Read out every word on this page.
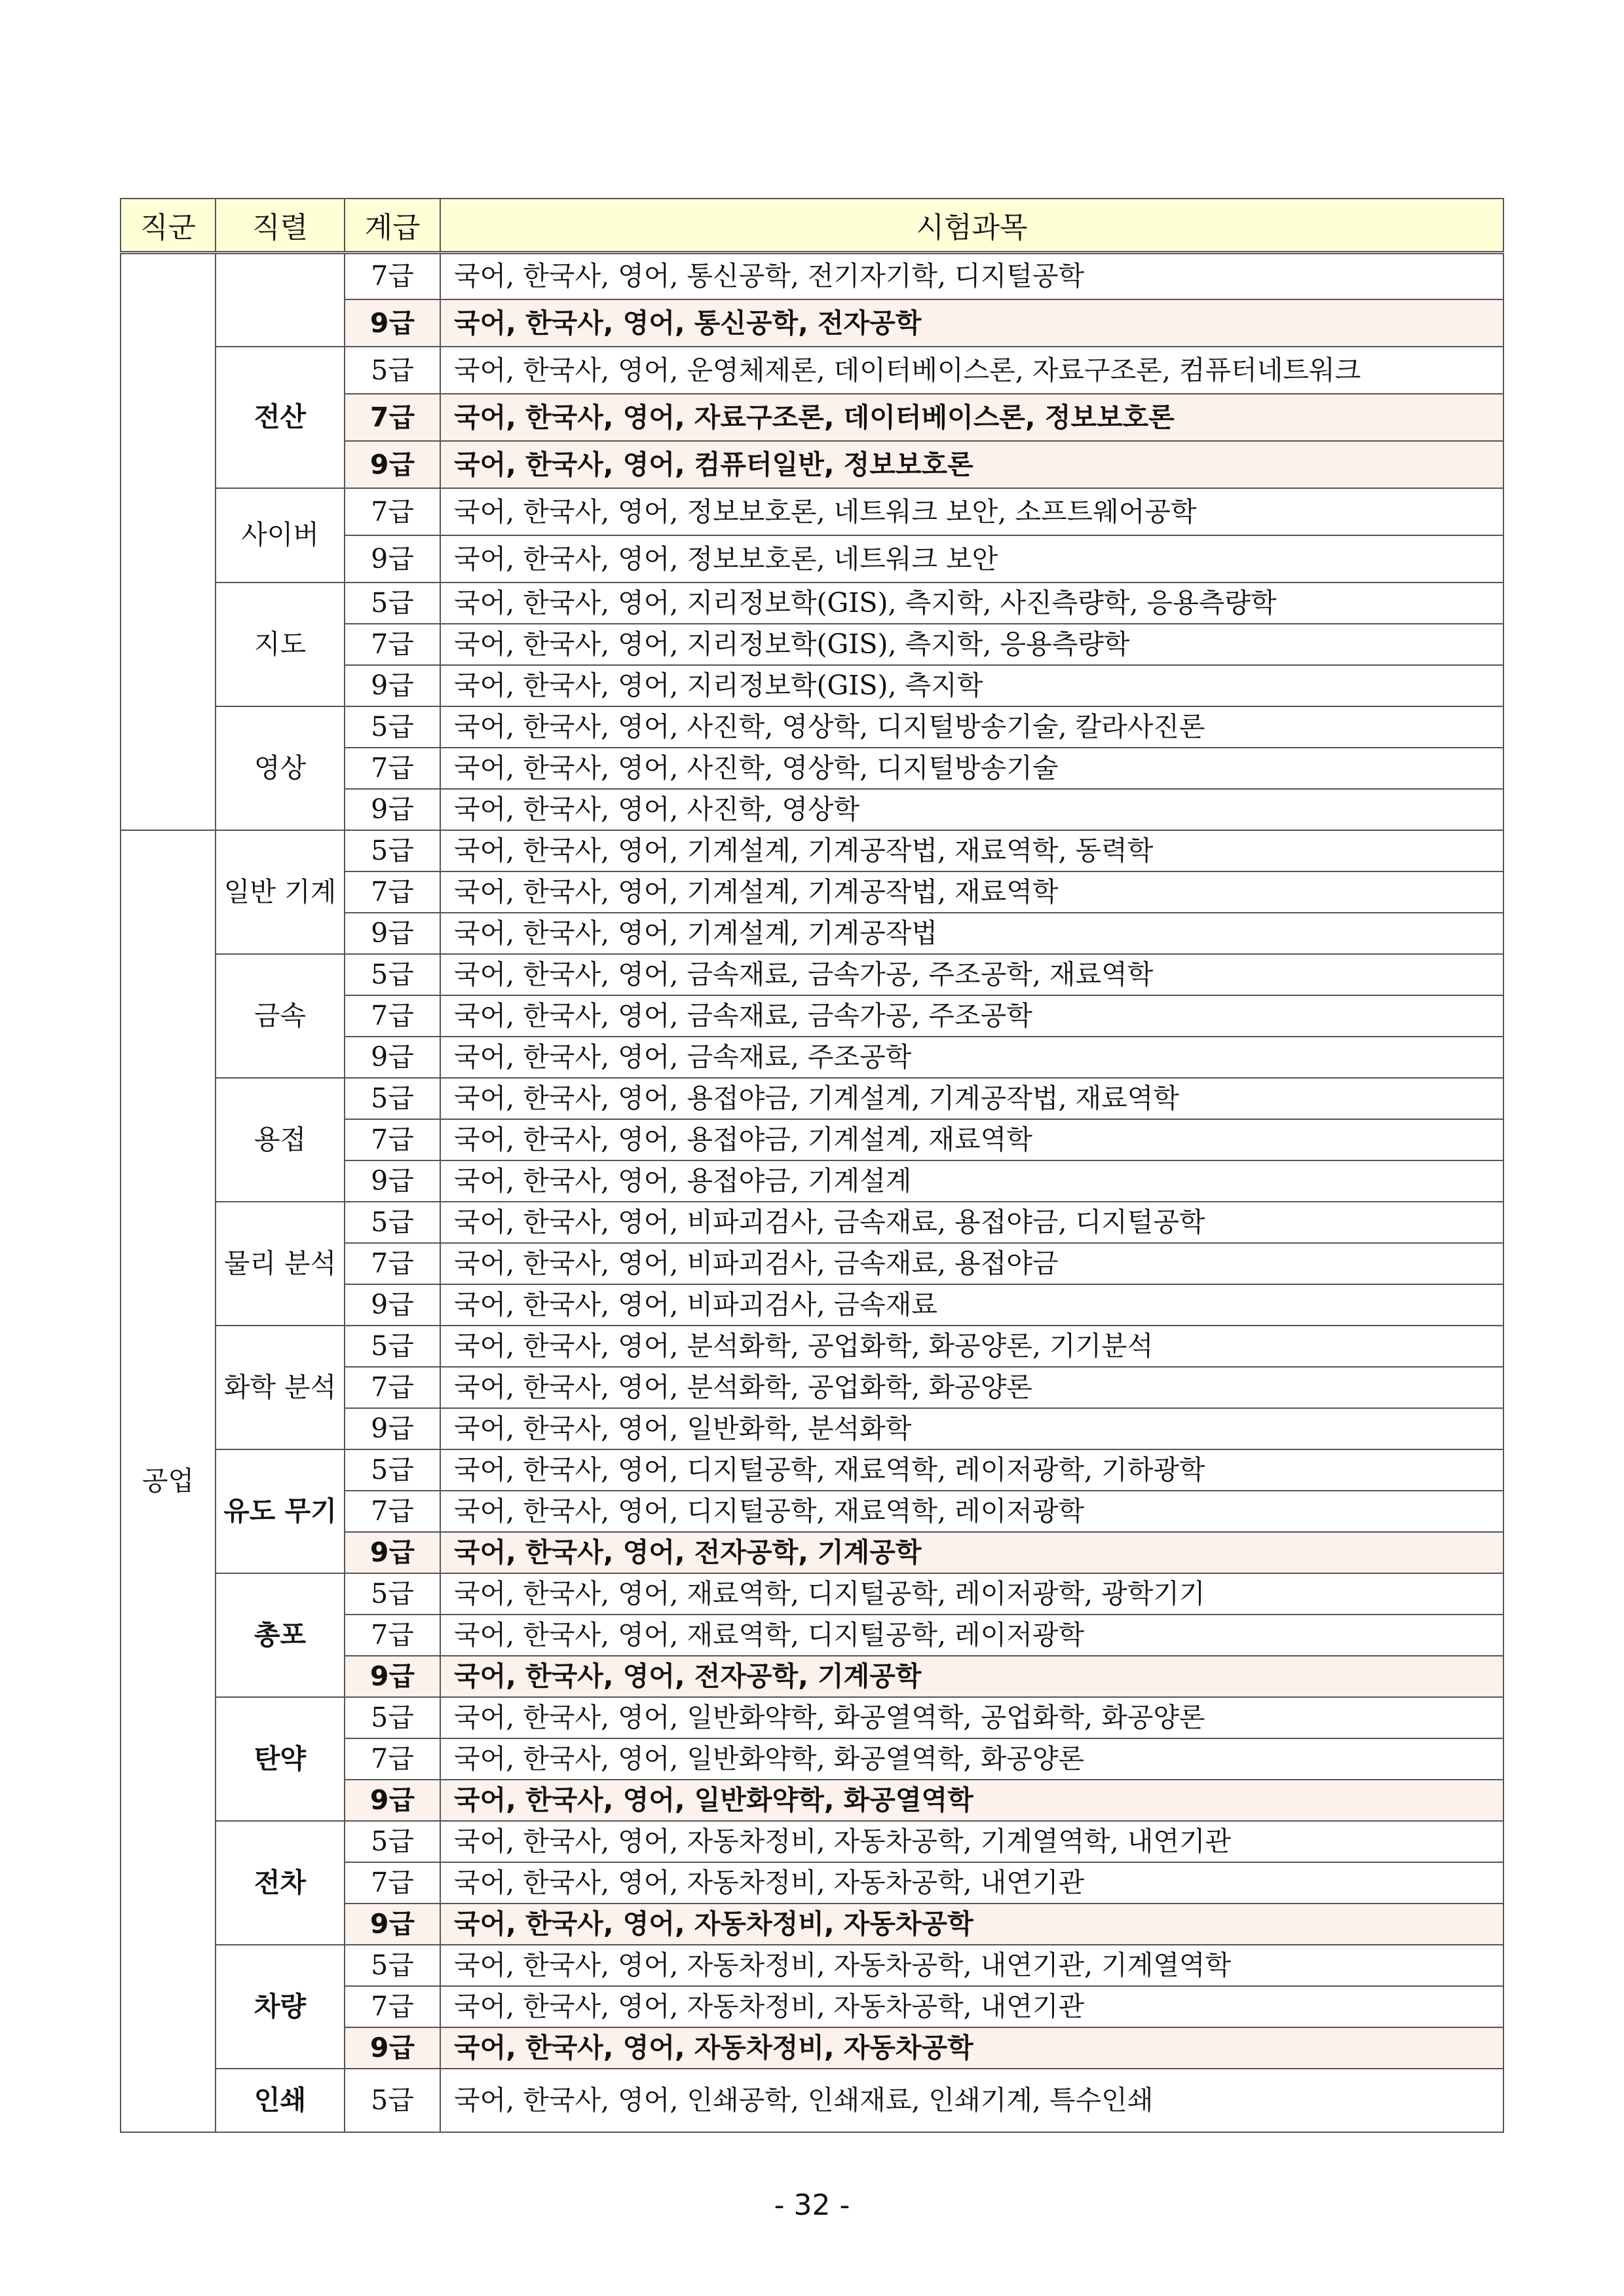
직군	직렬	계급	시험과목
		7급	국어, 한국사, 영어, 통신공학, 전기자기학, 디지털공학
		9급	국어, 한국사, 영어, 통신공학, 전자공학
	전산	5급	국어, 한국사, 영어, 운영체제론, 데이터베이스론, 자료구조론, 컴퓨터네트워크
		7급	국어, 한국사, 영어, 자료구조론, 데이터베이스론, 정보보호론
		9급	국어, 한국사, 영어, 컴퓨터일반, 정보보호론
	사이버	7급	국어, 한국사, 영어, 정보보호론, 네트워크 보안, 소프트웨어공학
		9급	국어, 한국사, 영어, 정보보호론, 네트워크 보안
	지도	5급	국어, 한국사, 영어, 지리정보학(GIS), 측지학, 사진측량학, 응용측량학
		7급	국어, 한국사, 영어, 지리정보학(GIS), 측지학, 응용측량학
		9급	국어, 한국사, 영어, 지리정보학(GIS), 측지학
	영상	5급	국어, 한국사, 영어, 사진학, 영상학, 디지털방송기술, 칼라사진론
		7급	국어, 한국사, 영어, 사진학, 영상학, 디지털방송기술
		9급	국어, 한국사, 영어, 사진학, 영상학
공업	일반 기계	5급	국어, 한국사, 영어, 기계설계, 기계공작법, 재료역학, 동력학
		7급	국어, 한국사, 영어, 기계설계, 기계공작법, 재료역학
		9급	국어, 한국사, 영어, 기계설계, 기계공작법
	금속	5급	국어, 한국사, 영어, 금속재료, 금속가공, 주조공학, 재료역학
		7급	국어, 한국사, 영어, 금속재료, 금속가공, 주조공학
		9급	국어, 한국사, 영어, 금속재료, 주조공학
	용접	5급	국어, 한국사, 영어, 용접야금, 기계설계, 기계공작법, 재료역학
		7급	국어, 한국사, 영어, 용접야금, 기계설계, 재료역학
		9급	국어, 한국사, 영어, 용접야금, 기계설계
	물리 분석	5급	국어, 한국사, 영어, 비파괴검사, 금속재료, 용접야금, 디지털공학
		7급	국어, 한국사, 영어, 비파괴검사, 금속재료, 용접야금
		9급	국어, 한국사, 영어, 비파괴검사, 금속재료
	화학 분석	5급	국어, 한국사, 영어, 분석화학, 공업화학, 화공양론, 기기분석
		7급	국어, 한국사, 영어, 분석화학, 공업화학, 화공양론
		9급	국어, 한국사, 영어, 일반화학, 분석화학
	유도 무기	5급	국어, 한국사, 영어, 디지털공학, 재료역학, 레이저광학, 기하광학
		7급	국어, 한국사, 영어, 디지털공학, 재료역학, 레이저광학
		9급	국어, 한국사, 영어, 전자공학, 기계공학
	총포	5급	국어, 한국사, 영어, 재료역학, 디지털공학, 레이저광학, 광학기기
		7급	국어, 한국사, 영어, 재료역학, 디지털공학, 레이저광학
		9급	국어, 한국사, 영어, 전자공학, 기계공학
	탄약	5급	국어, 한국사, 영어, 일반화약학, 화공열역학, 공업화학, 화공양론
		7급	국어, 한국사, 영어, 일반화약학, 화공열역학, 화공양론
		9급	국어, 한국사, 영어, 일반화약학, 화공열역학
	전차	5급	국어, 한국사, 영어, 자동차정비, 자동차공학, 기계열역학, 내연기관
		7급	국어, 한국사, 영어, 자동차정비, 자동차공학, 내연기관
		9급	국어, 한국사, 영어, 자동차정비, 자동차공학
	차량	5급	국어, 한국사, 영어, 자동차정비, 자동차공학, 내연기관, 기계열역학
		7급	국어, 한국사, 영어, 자동차정비, 자동차공학, 내연기관
		9급	국어, 한국사, 영어, 자동차정비, 자동차공학
	인쇄	5급	국어, 한국사, 영어, 인쇄공학, 인쇄재료, 인쇄기계, 특수인쇄
- 32 -
